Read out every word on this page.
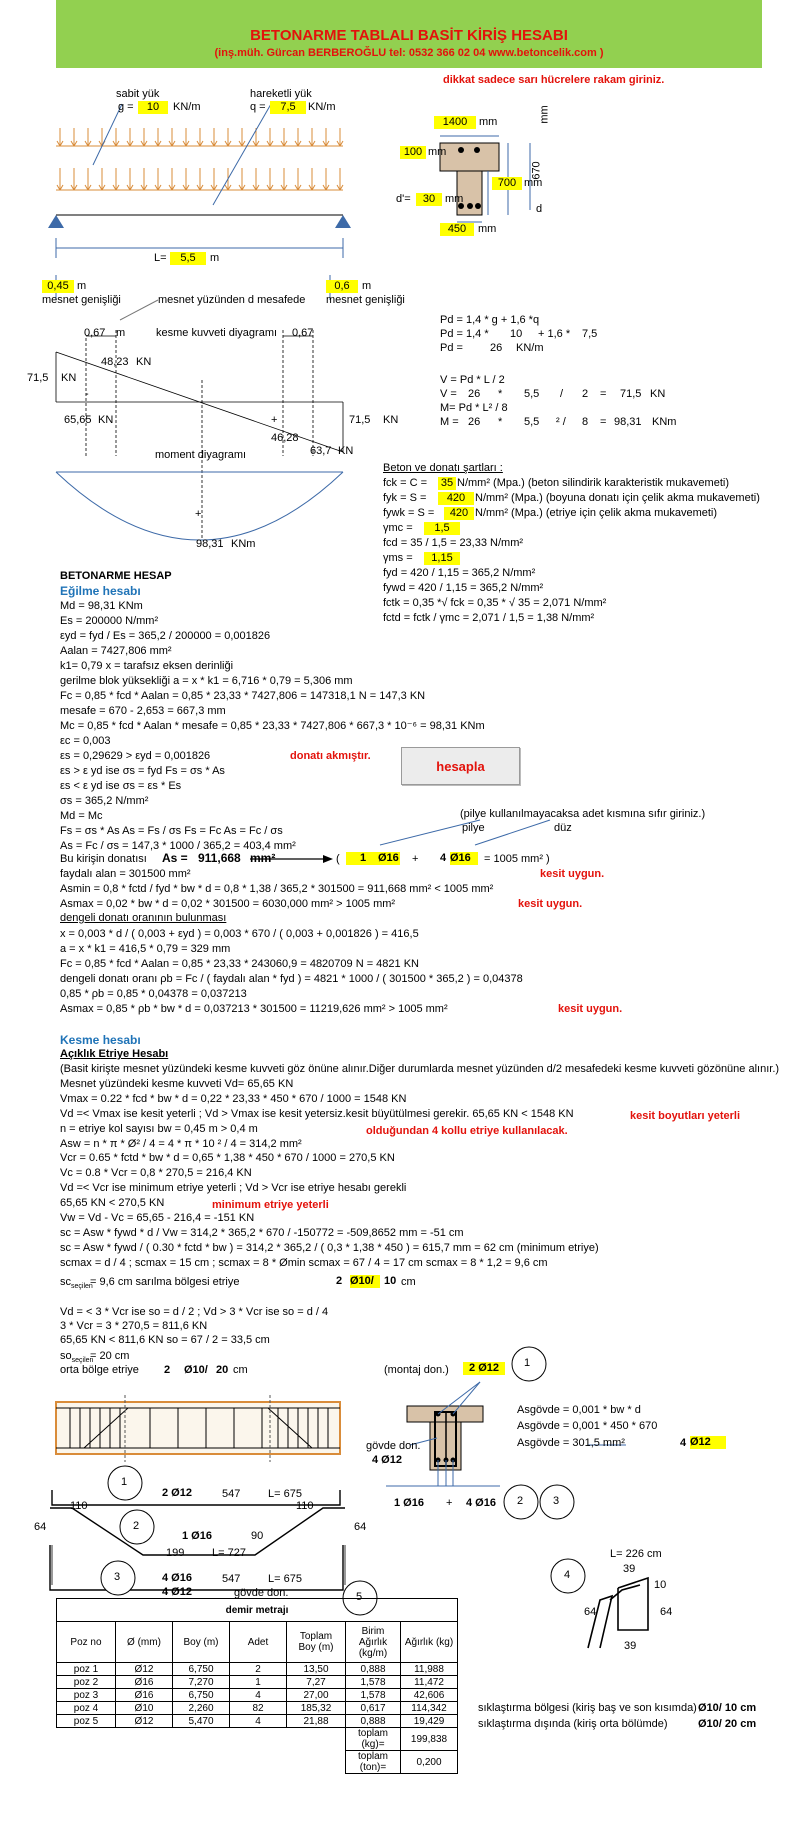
BETONARME TABLALI BASİT KİRİŞ HESABI
(inş.müh. Gürcan BERBEROĞLU tel: 0532 366 02 04 www.betoncelik.com )
dikkat sadece sarı hücrelere rakam giriniz.
sabit yük
g =	10	KN/m
hareketli yük
q =	7,5	KN/m
L=	5,5	m
0,45 m	0,6	m
mesnet genişliği	mesnet yüzünden d mesafede mesnet genişliği
1400	mm	mm
100 mm
670
d'=	30 mm
700 mm
d
450	mm
0,67 m	kesme kuvveti diyagramı 0,67
48,23 KN
71,5 KN
-
65,65 KN	+	71,5 KN
46,28
63,7 KN
moment diyagramı
+
98,31 KNm
Pd = 1,4 * g + 1,6 *q
Pd = 1,4 * 10 + 1,6 * 7,5
Pd = 26 KN/m
V = Pd * L / 2
V = 26 * 5,5 / 2 = 71,5 KN
M= Pd * L² / 8
M = 26 * 5,5 ² / 8 = 98,31 KNm
Beton ve donatı şartları :
fck = C = 35 N/mm² (Mpa.) (beton silindirik karakteristik mukavemeti)
fyk = S =	420 N/mm² (Mpa.) (boyuna donatı için çelik akma mukavemeti)
fywk = S =	420 N/mm² (Mpa.) (etriye için çelik akma mukavemeti)
γmc =	1,5
fcd = 35 / 1,5 = 23,33 N/mm²
γms =	1,15
fyd = 420 / 1,15 = 365,2 N/mm²
fywd = 420 / 1,15 = 365,2 N/mm²
fctk = 0,35 *√ fck = 0,35 * √ 35 = 2,071 N/mm²
fctd = fctk / γmc = 2,071 / 1,5 = 1,38 N/mm²
BETONARME HESAP
Eğilme hesabı
Md = 98,31 KNm
Es = 200000 N/mm²
εyd = fyd / Es = 365,2 / 200000 = 0,001826
Aalan = 7427,806 mm²
k1= 0,79 x = tarafsız eksen derinliği
gerilme blok yüksekliği a = x * k1 = 6,716 * 0,79 = 5,306 mm
Fc = 0,85 * fcd * Aalan = 0,85 * 23,33 * 7427,806 = 147318,1 N = 147,3 KN
mesafe = 670 - 2,653 = 667,3 mm
Mc = 0,85 * fcd * Aalan * mesafe = 0,85 * 23,33 * 7427,806 * 667,3 * 10⁻⁶ = 98,31 KNm
εc = 0,003
εs = 0,29629 > εyd = 0,001826
εs > ε yd ise σs = fyd Fs = σs * As
εs < ε yd ise σs = εs * Es
σs = 365,2 N/mm²
Md = Mc
Fs = σs * As As = Fs / σs Fs = Fc As = Fc / σs
As = Fc / σs = 147,3 * 1000 / 365,2 = 403,4 mm²
donatı akmıştır.
hesapla
(pilye kullanılmayacaksa adet kısmına sıfır giriniz.)
pilye	düz
Bu kirişin donatısı As = 911,668 mm²	(	1	Ø16 + 4 Ø16	= 1005 mm² )
faydalı alan = 301500 mm²
Asmin = 0,8 * fctd / fyd * bw * d = 0,8 * 1,38 / 365,2 * 301500 = 911,668 mm² < 1005 mm²
Asmax = 0,02 * bw * d = 0,02 * 301500 = 6030,000 mm² > 1005 mm²
kesit uygun.
kesit uygun.
dengeli donatı oranının bulunması
x = 0,003 * d / ( 0,003 + εyd ) = 0,003 * 670 / ( 0,003 + 0,001826 ) = 416,5
a = x * k1 = 416,5 * 0,79 = 329 mm
Fc = 0,85 * fcd * Aalan = 0,85 * 23,33 * 243060,9 = 4820709 N = 4821 KN
dengeli donatı oranı ρb = Fc / ( faydalı alan * fyd ) = 4821 * 1000 / ( 301500 * 365,2 ) = 0,04378
0,85 * ρb = 0,85 * 0,04378 = 0,037213
Asmax = 0,85 * ρb * bw * d = 0,037213 * 301500 = 11219,626 mm² > 1005 mm²	kesit uygun.
Kesme hesabı
Açıklık Etriye Hesabı
(Basit kirişte mesnet yüzündeki kesme kuvveti göz önüne alınır.Diğer durumlarda mesnet yüzünden d/2 mesafedeki kesme kuvveti gözönüne alınır.)
Mesnet yüzündeki kesme kuvveti Vd= 65,65 KN
Vmax = 0.22 * fcd * bw * d = 0,22 * 23,33 * 450 * 670 / 1000 = 1548 KN
Vd =< Vmax ise kesit yeterli ; Vd > Vmax ise kesit yetersiz.kesit büyütülmesi gerekir. 65,65 KN < 1548 KN
n = etriye kol sayısı bw = 0,45 m > 0,4 m
Asw = n * π * Ø² / 4 = 4 * π * 10 ² / 4 = 314,2 mm²
Vcr = 0.65 * fctd * bw * d = 0,65 * 1,38 * 450 * 670 / 1000 = 270,5 KN
Vc = 0.8 * Vcr = 0,8 * 270,5 = 216,4 KN
Vd =< Vcr ise minimum etriye yeterli ; Vd > Vcr ise etriye hesabı gerekli
65,65 KN < 270,5 KN
Vw = Vd - Vc = 65,65 - 216,4 = -151 KN
sc = Asw * fywd * d / Vw = 314,2 * 365,2 * 670 / -150772 = -509,8652 mm = -51 cm
sc = Asw * fywd / ( 0.30 * fctd * bw ) = 314,2 * 365,2 / ( 0,3 * 1,38 * 450 ) = 615,7 mm = 62 cm (minimum etriye)
scmax = d / 4 ; scmax = 15 cm ; scmax = 8 * Ømin scmax = 67 / 4 = 17 cm scmax = 8 * 1,2 = 9,6 cm
kesit boyutları yeterli
olduğundan 4 kollu etriye kullanılacak.
minimum etriye yeterli
$sc_{seçilen}$
= 9,6 cm sarılma bölgesi etriye	2 Ø10/ 10 cm
Vd = < 3 * Vcr ise so = d / 2 ; Vd > 3 * Vcr ise so = d / 4
3 * Vcr = 3 * 270,5 = 811,6 KN
65,65 KN < 811,6 KN so = 67 / 2 = 33,5 cm
$so_{seçilen}$
= 20 cm
orta bölge etriye 2 Ø10/ 20 cm	(montaj don.)	2 Ø12	1
Asgövde = 0,001 * bw * d
Asgövde = 0,001 * 450 * 670
Asgövde = 301,5 mm²	4 Ø12
gövde don.
4 Ø12
1 Ø16 + 4 Ø16 2	3
1
2 Ø12	547	L= 675
110	110
64	64
2
1 Ø16	90
199	L= 727
3	4 Ø16	547	L= 675
4 Ø12	gövde don.	5
4
L= 226 cm
39
10
64	64
39
demir metrajı						
Poz no	Ø (mm)	Boy (m)	Adet	Toplam Boy (m)	Birim Ağırlık (kg/m)	Ağırlık (kg)
poz 1	Ø12	6,750	2	13,50	0,888	11,988
poz 2	Ø16	7,270	1	7,27	1,578	11,472
poz 3	Ø16	6,750	4	27,00	1,578	42,606
poz 4	Ø10	2,260	82	185,32	0,617	114,342
poz 5	Ø12	5,470	4	21,88	0,888	19,429
					toplam (kg)=	199,838
					toplam (ton)=	0,200
sıklaştırma bölgesi (kiriş baş ve son kısımda) Ø10/ 10 cm
sıklaştırma dışında (kiriş orta bölümde)	Ø10/ 20 cm
